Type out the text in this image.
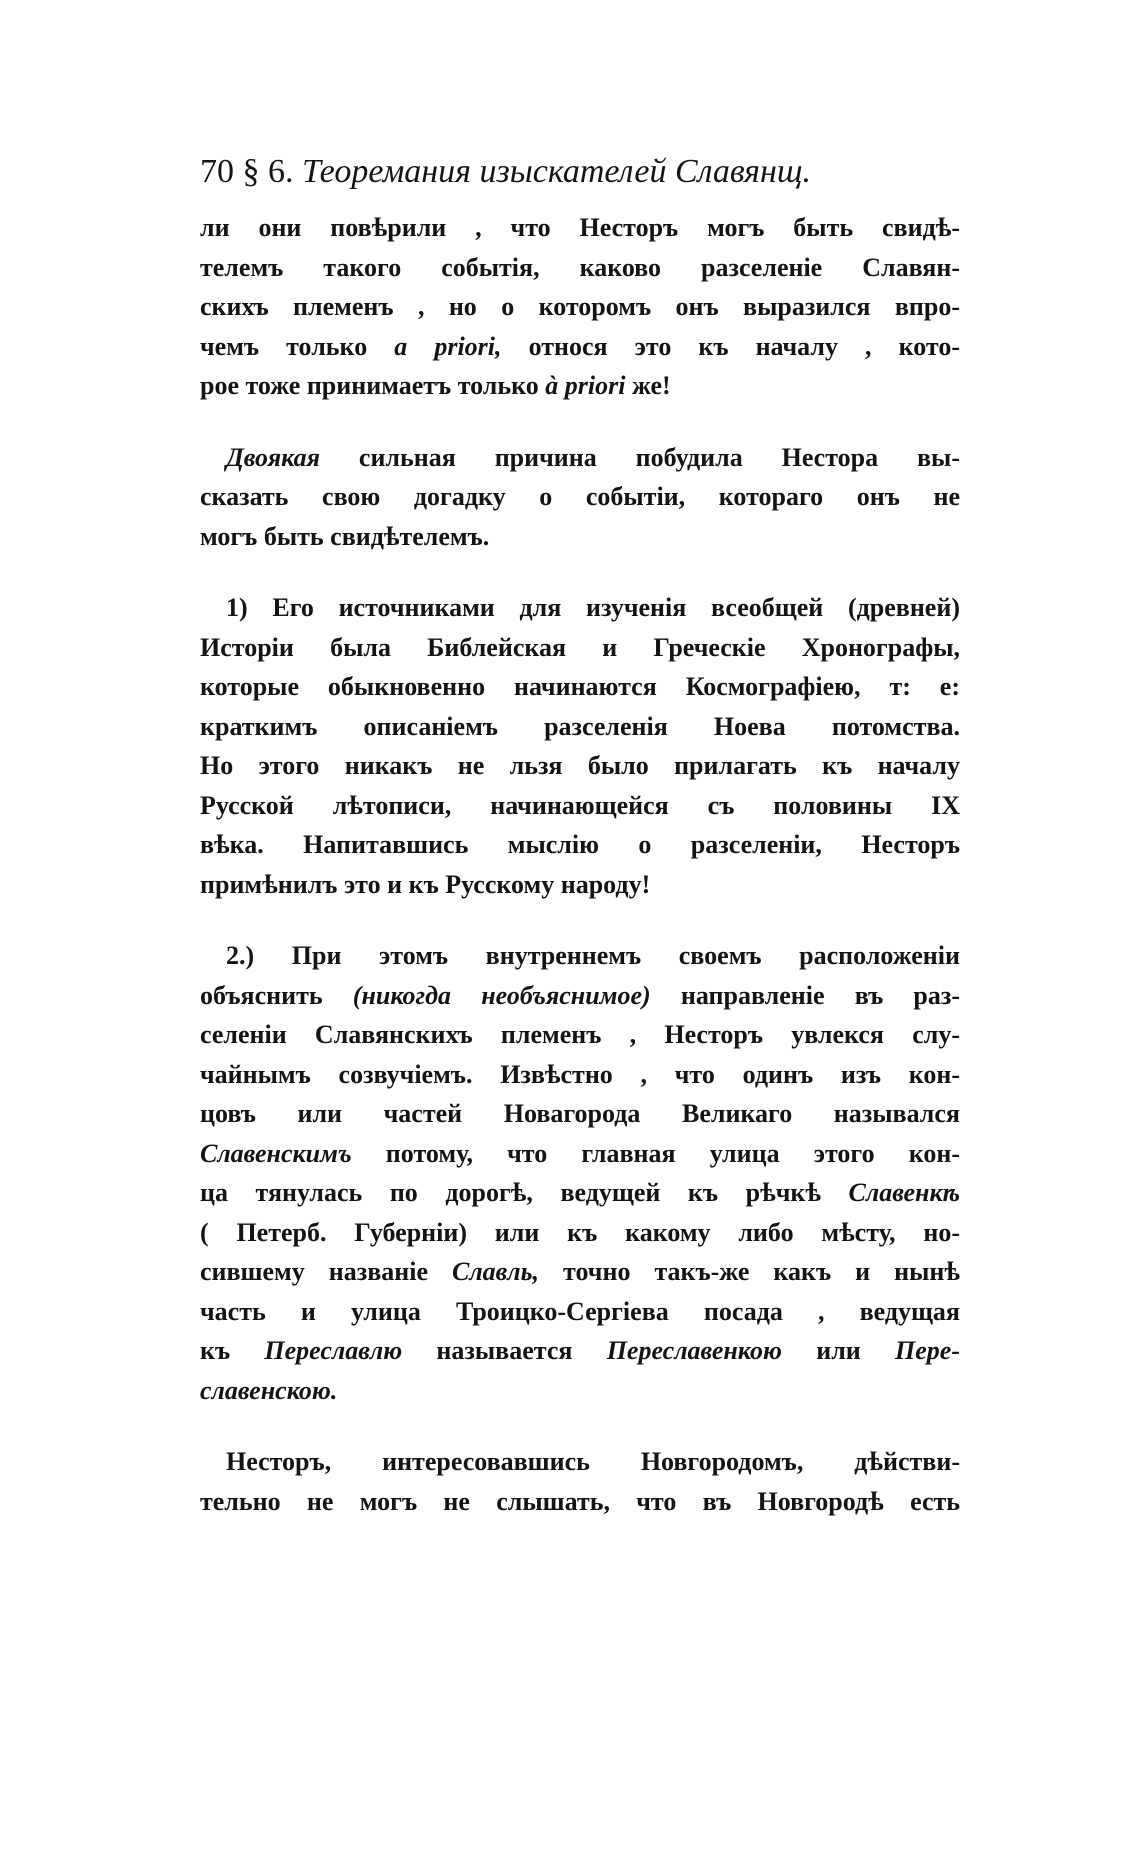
70 § 6. Теоремания изыскателей Славянщ.
ли они повѣрили , что Несторъ могъ быть свидѣ-
телемъ такого событія, каково разселеніе Славян-
скихъ племенъ , но о которомъ онъ выразился впро-
чемъ только a priori, относя это къ началу , кото-
рое тоже принимаетъ только à priori же!
Двоякая сильная причина побудила Нестора вы-
сказать свою догадку о событіи, котораго онъ не
могъ быть свидѣтелемъ.
1) Его источниками для изученія всеобщей (древней)
Исторіи была Библейская и Греческіе Хронографы,
которые обыкновенно начинаются Космографіею, т: е:
краткимъ описаніемъ разселенія Ноева потомства.
Но этого никакъ не льзя было прилагать къ началу
Русской лѣтописи, начинающейся съ половины IX
вѣка. Напитавшись мыслію о разселеніи, Несторъ
примѣнилъ это и къ Русскому народу!
2.) При этомъ внутреннемъ своемъ расположеніи
объяснить (никогда необъяснимое) направленіе въ раз-
селеніи Славянскихъ племенъ , Несторъ увлекся слу-
чайнымъ созвучіемъ. Извѣстно , что одинъ изъ кон-
цовъ или частей Новагорода Великаго назывался
Славенскимъ потому, что главная улица этого кон-
ца тянулась по дорогѣ, ведущей къ рѣчкѣ Славенкѣ
( Петерб. Губерніи) или къ какому либо мѣсту, но-
сившему названіе Славль, точно такъ-же какъ и нынѣ
часть и улица Троицко-Сергіева посада , ведущая
къ Переславлю называется Переславенкою или Пере-
славенскою.
Несторъ, интересовавшись Новгородомъ, дѣйстви-
тельно не могъ не слышать, что въ Новгородѣ есть
